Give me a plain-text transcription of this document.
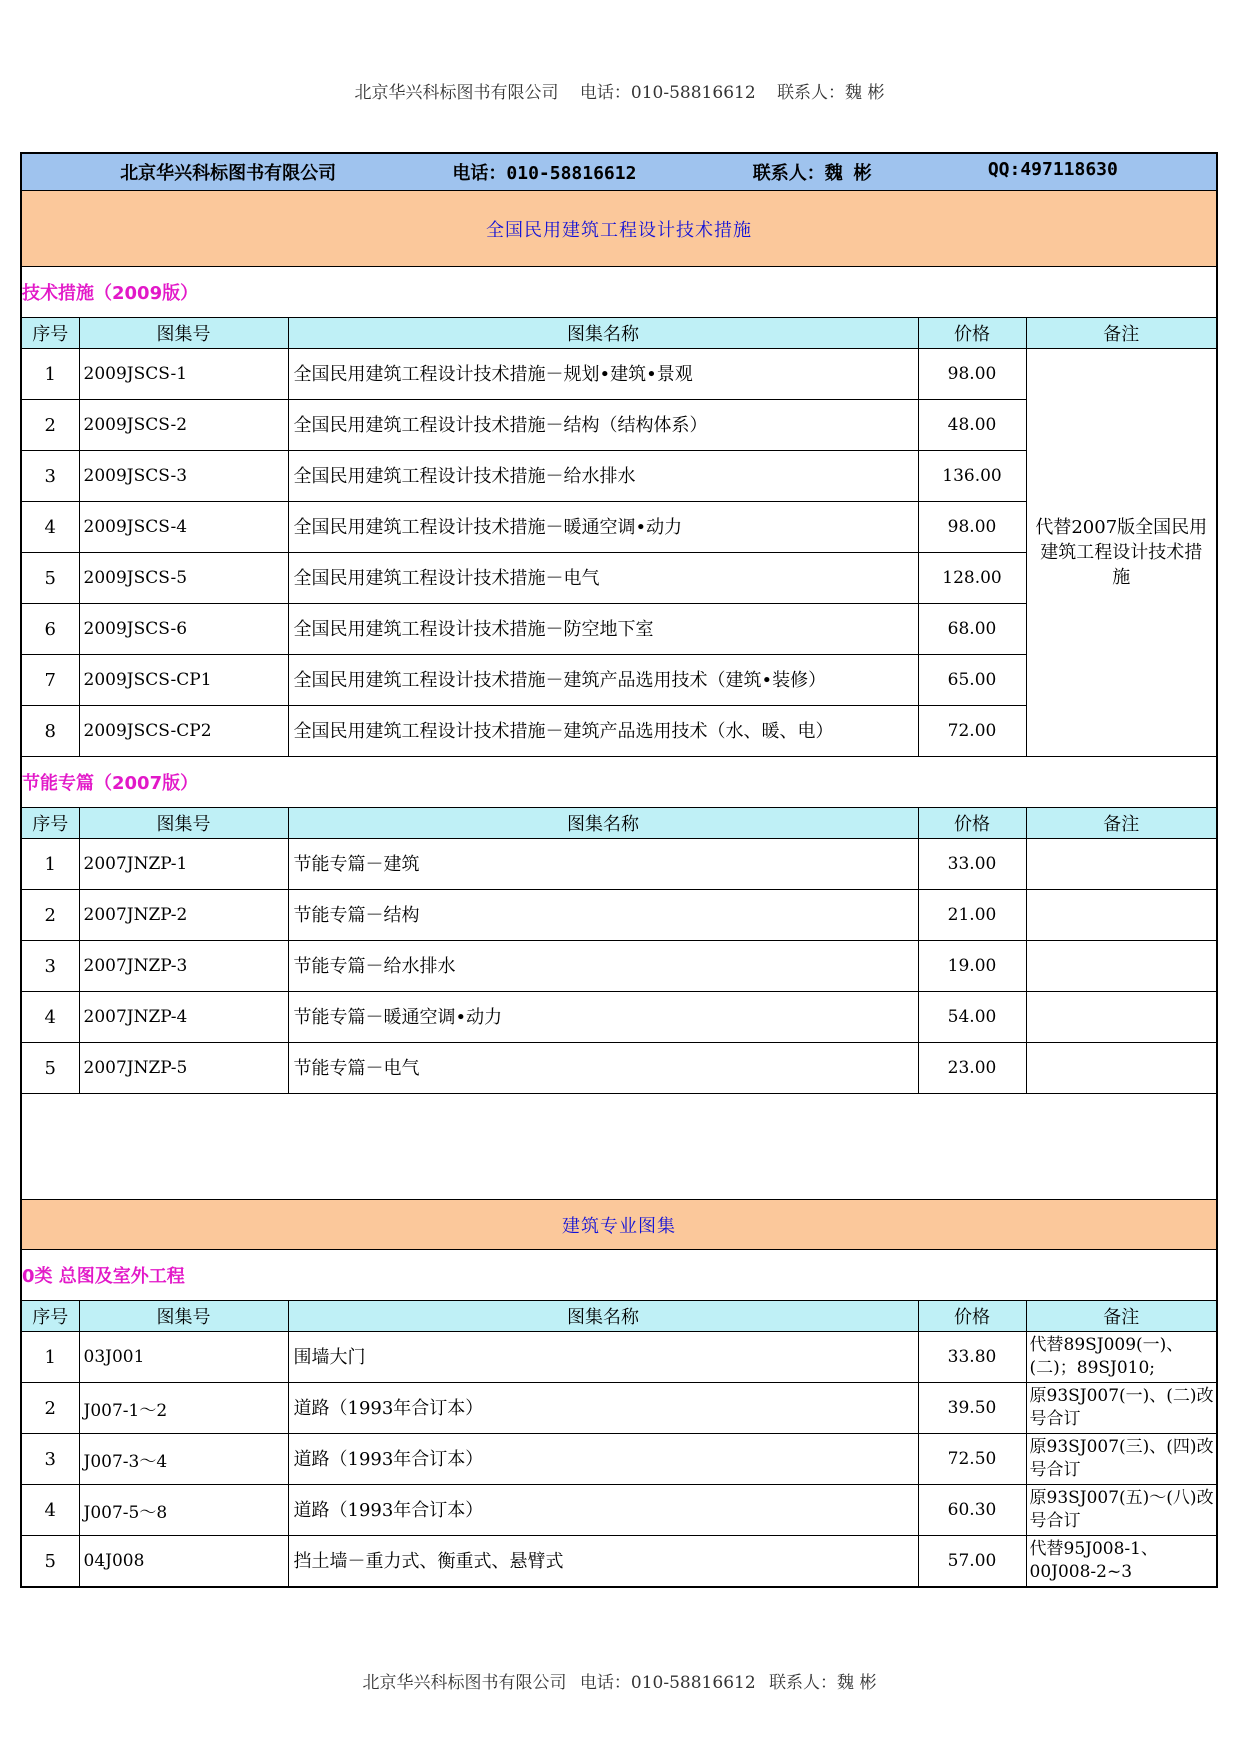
北京华兴科标图书有限公司 电话：010-58816612 联系人：魏 彬
北京华兴科标图书有限公司 电话：010-58816612 联系人：魏 彬 QQ:497118630				

全国民用建筑工程设计技术措施				
技术措施（2009版）				
序号	图集号	图集名称	价格	备注
1	2009JSCS-1	全国民用建筑工程设计技术措施－规划•建筑•景观	98.00	代替2007版全国民用建筑工程设计技术措施
2	2009JSCS-2	全国民用建筑工程设计技术措施－结构（结构体系）	48.00	
3	2009JSCS-3	全国民用建筑工程设计技术措施－给水排水	136.00	
4	2009JSCS-4	全国民用建筑工程设计技术措施－暖通空调•动力	98.00	
5	2009JSCS-5	全国民用建筑工程设计技术措施－电气	128.00	
6	2009JSCS-6	全国民用建筑工程设计技术措施－防空地下室	68.00	
7	2009JSCS-CP1	全国民用建筑工程设计技术措施－建筑产品选用技术（建筑•装修）	65.00	
8	2009JSCS-CP2	全国民用建筑工程设计技术措施－建筑产品选用技术（水、暖、电）	72.00	
节能专篇（2007版）				
序号	图集号	图集名称	价格	备注
1	2007JNZP-1	节能专篇－建筑	33.00	
2	2007JNZP-2	节能专篇－结构	21.00	
3	2007JNZP-3	节能专篇－给水排水	19.00	
4	2007JNZP-4	节能专篇－暖通空调•动力	54.00	
5	2007JNZP-5	节能专篇－电气	23.00	

建筑专业图集				
0类 总图及室外工程				
序号	图集号	图集名称	价格	备注
1	03J001	围墙大门	33.80	代替89SJ009(一)、(二)；89SJ010;
2	J007-1～2	道路（1993年合订本）	39.50	原93SJ007(一)、(二)改号合订
3	J007-3～4	道路（1993年合订本）	72.50	原93SJ007(三)、(四)改号合订
4	J007-5～8	道路（1993年合订本）	60.30	原93SJ007(五)～(八)改号合订
5	04J008	挡土墙－重力式、衡重式、悬臂式	57.00	代替95J008-1、00J008-2~3
北京华兴科标图书有限公司 电话：010-58816612 联系人：魏 彬
